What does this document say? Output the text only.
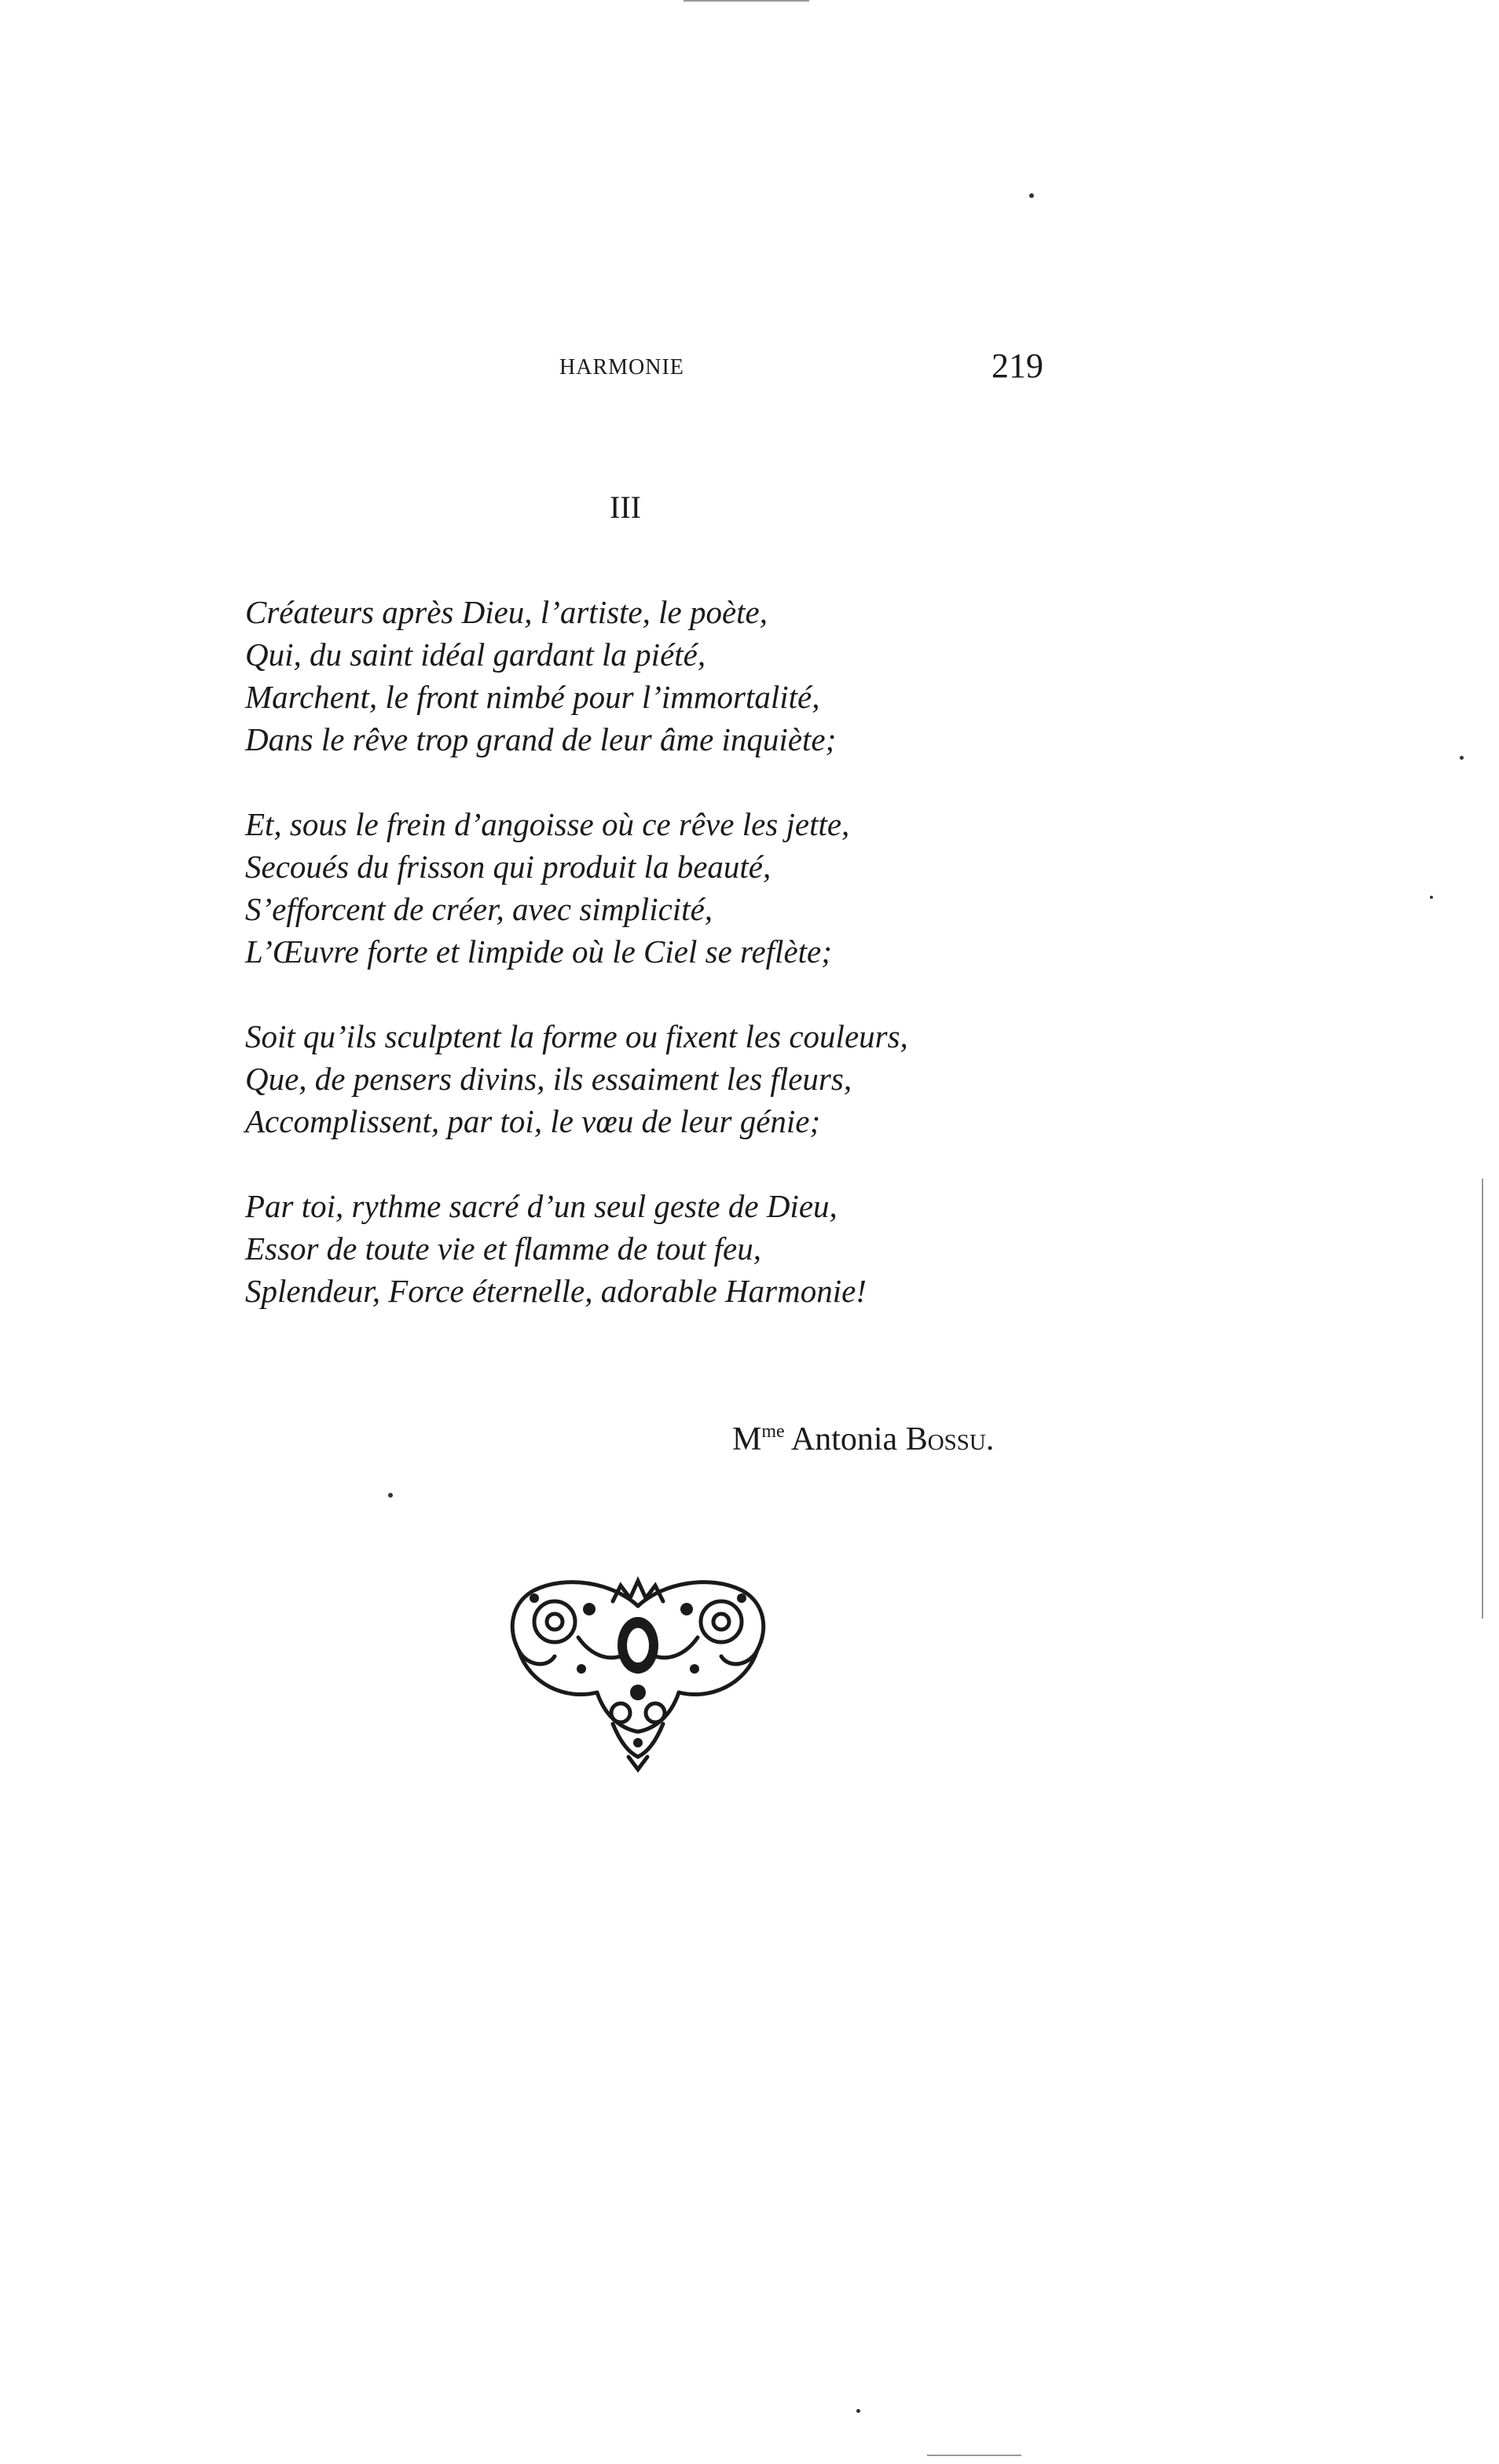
HARMONIE	219
III
Créateurs après Dieu, l’artiste, le poète,
Qui, du saint idéal gardant la piété,
Marchent, le front nimbé pour l’immortalité,
Dans le rêve trop grand de leur âme inquiète;
Et, sous le frein d’angoisse où ce rêve les jette,
Secoués du frisson qui produit la beauté,
S’efforcent de créer, avec simplicité,
L’Œuvre forte et limpide où le Ciel se reflète;
Soit qu’ils sculptent la forme ou fixent les couleurs,
Que, de pensers divins, ils essaiment les fleurs,
Accomplissent, par toi, le vœu de leur génie;
Par toi, rythme sacré d’un seul geste de Dieu,
Essor de toute vie et flamme de tout feu,
Splendeur, Force éternelle, adorable Harmonie!
$M^{me}$ Antonia Bossu.
